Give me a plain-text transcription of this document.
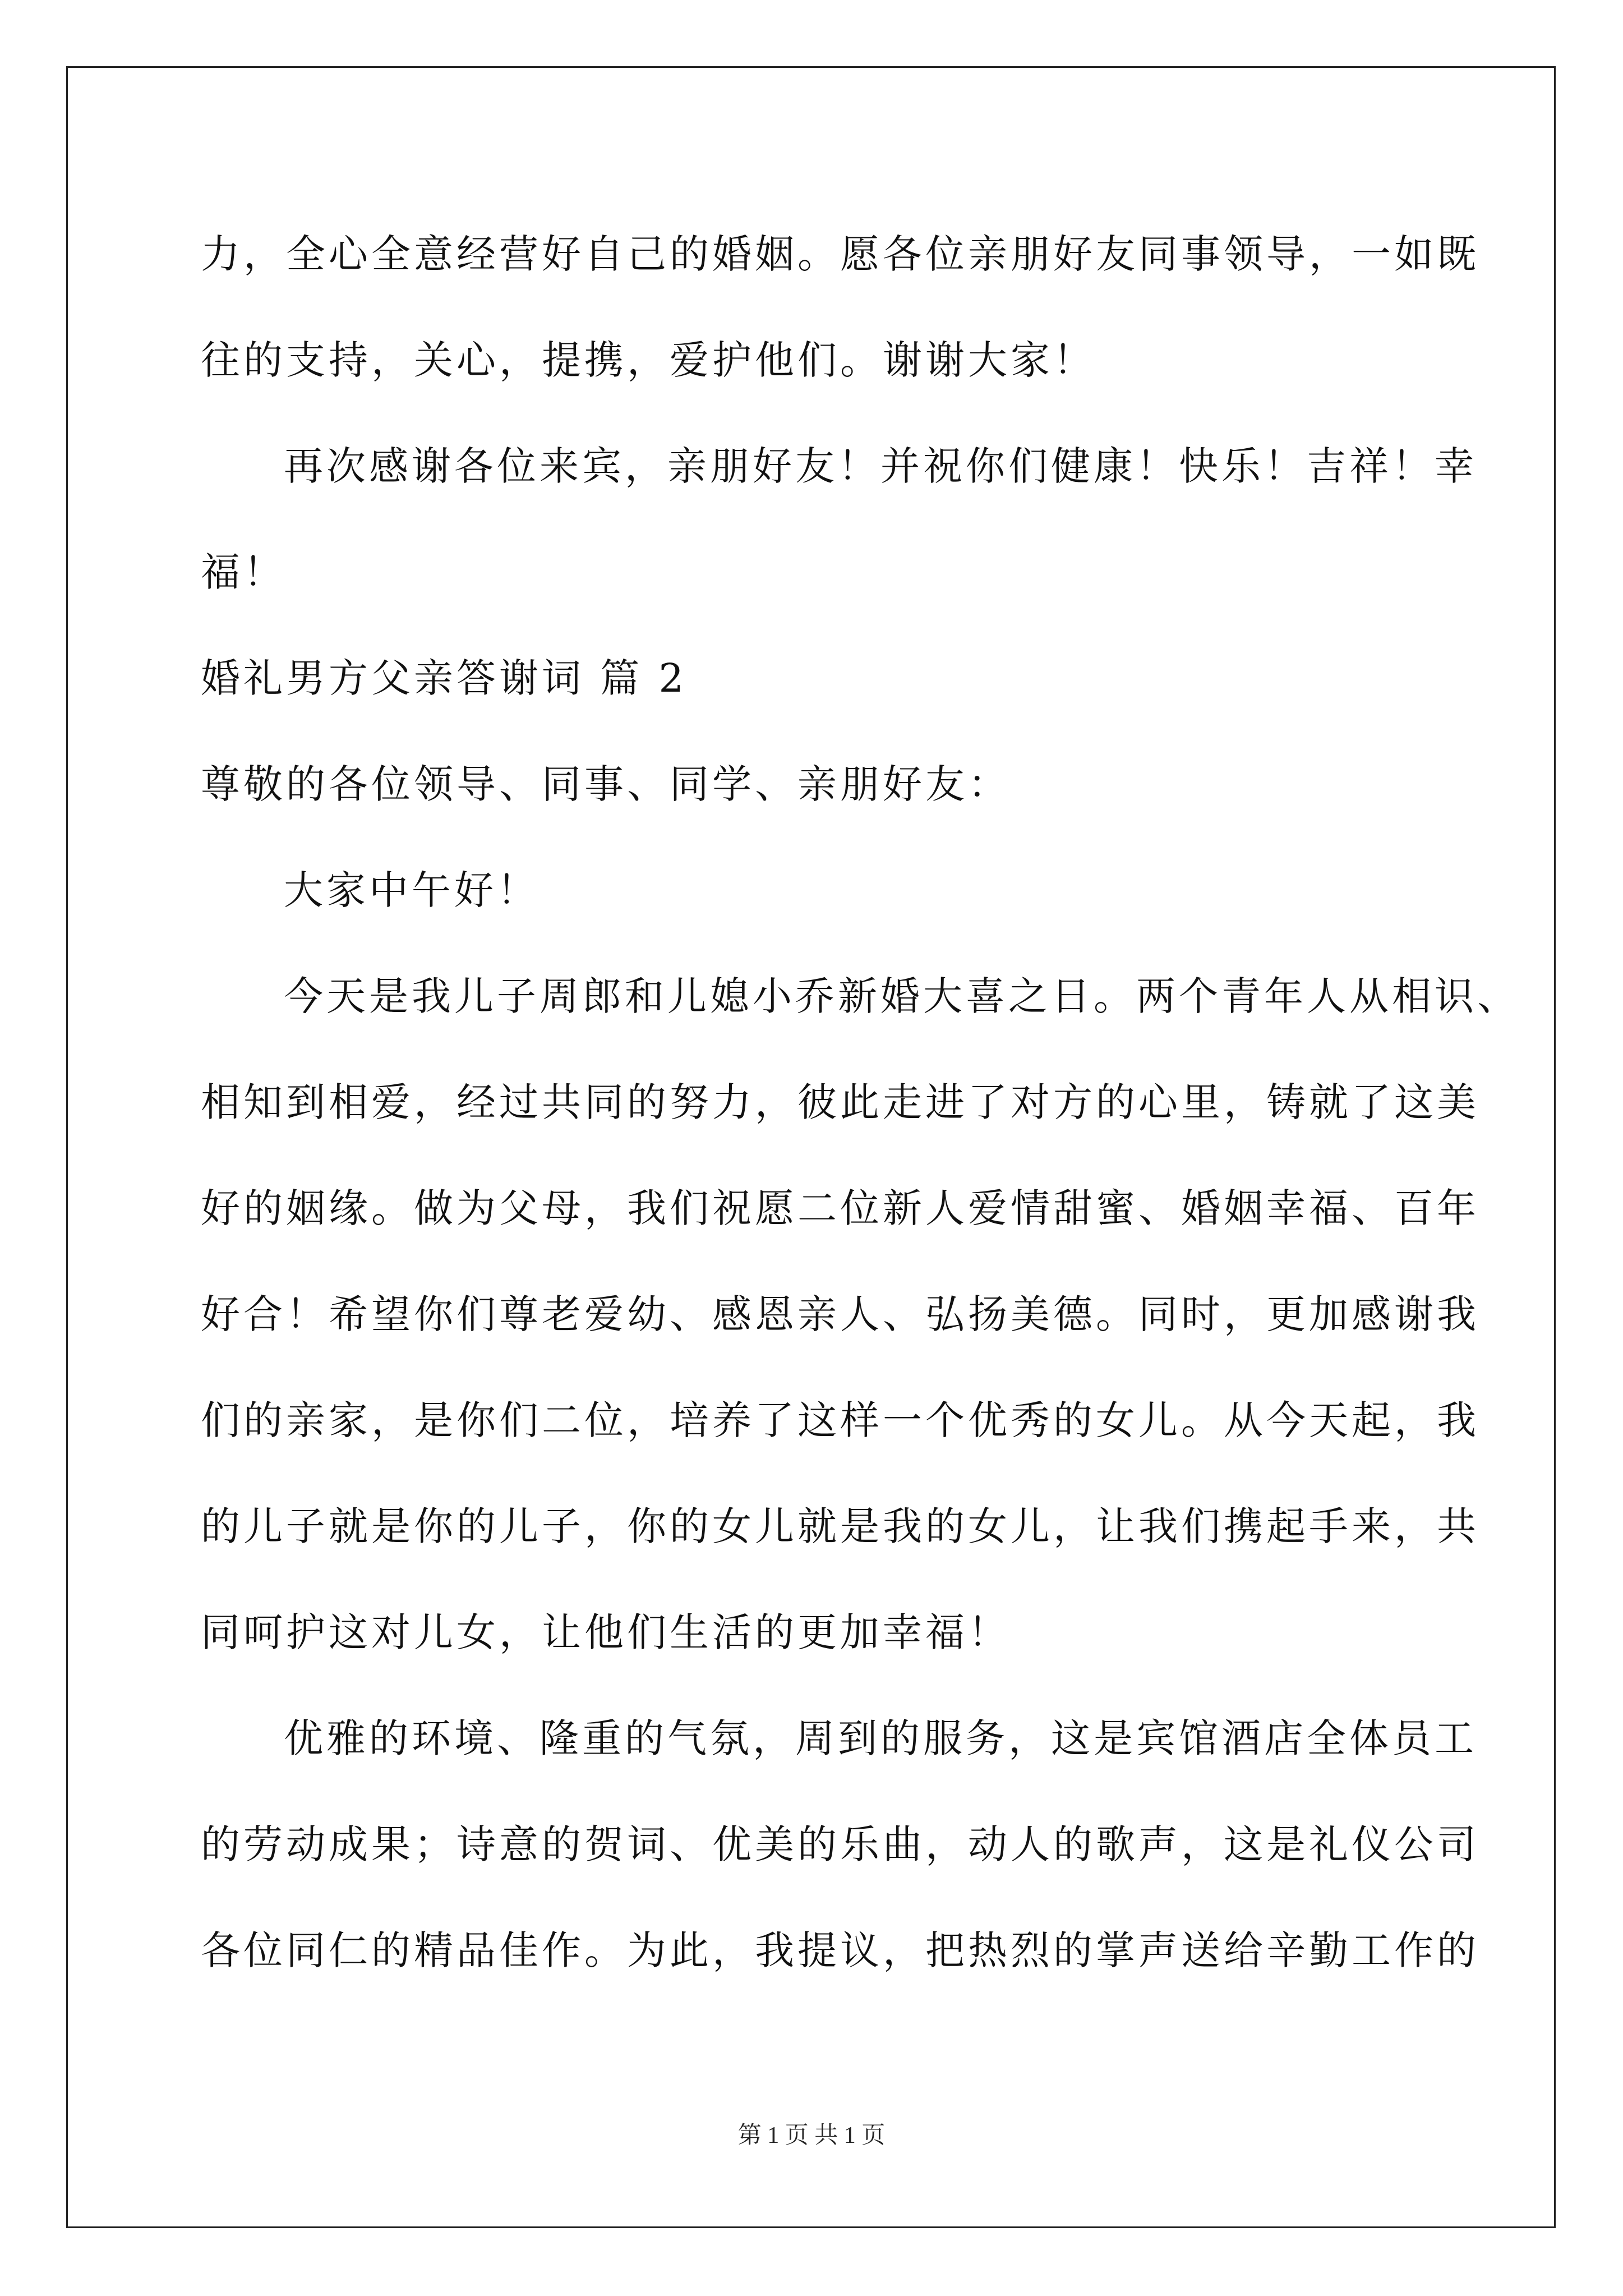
力，全心全意经营好自己的婚姻。愿各位亲朋好友同事领导，一如既
往的支持，关心，提携，爱护他们。谢谢大家！
再次感谢各位来宾，亲朋好友！并祝你们健康！快乐！吉祥！幸
福！
婚礼男方父亲答谢词 篇 2
尊敬的各位领导、同事、同学、亲朋好友：
大家中午好！
今天是我儿子周郎和儿媳小乔新婚大喜之日。两个青年人从相识、
相知到相爱，经过共同的努力，彼此走进了对方的心里，铸就了这美
好的姻缘。做为父母，我们祝愿二位新人爱情甜蜜、婚姻幸福、百年
好合！希望你们尊老爱幼、感恩亲人、弘扬美德。同时，更加感谢我
们的亲家，是你们二位，培养了这样一个优秀的女儿。从今天起，我
的儿子就是你的儿子，你的女儿就是我的女儿，让我们携起手来，共
同呵护这对儿女，让他们生活的更加幸福！
优雅的环境、隆重的气氛，周到的服务，这是宾馆酒店全体员工
的劳动成果；诗意的贺词、优美的乐曲，动人的歌声，这是礼仪公司
各位同仁的精品佳作。为此，我提议，把热烈的掌声送给辛勤工作的
第 1 页 共 1 页
